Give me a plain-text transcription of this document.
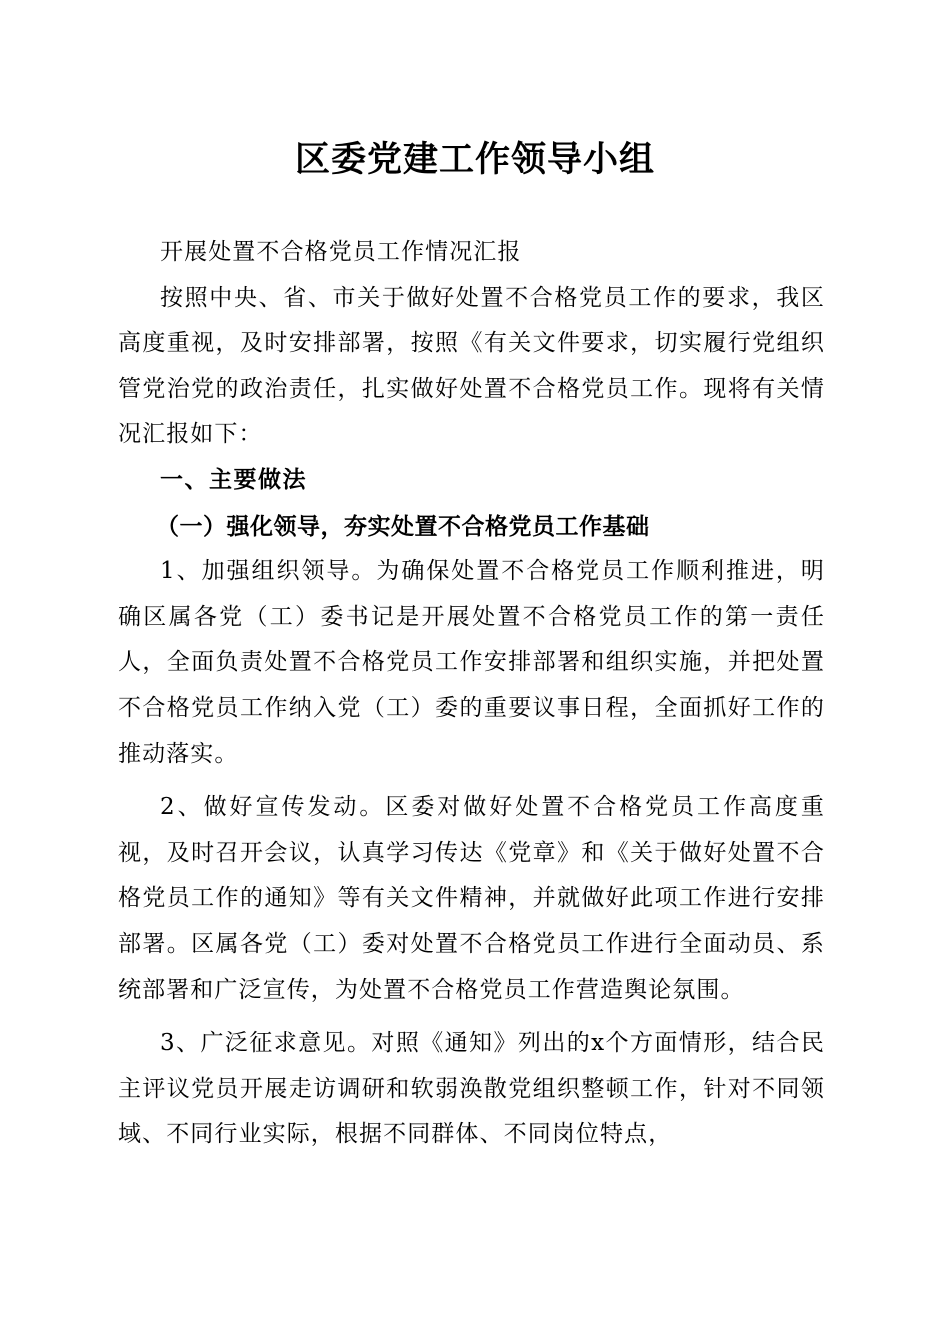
区委党建工作领导小组

开展处置不合格党员工作情况汇报

按照中央、省、市关于做好处置不合格党员工作的要求，我区高度重视，及时安排部署，按照《有关文件要求，切实履行党组织管党治党的政治责任，扎实做好处置不合格党员工作。现将有关情况汇报如下：

一、主要做法

（一）强化领导，夯实处置不合格党员工作基础

1、加强组织领导。为确保处置不合格党员工作顺利推进，明确区属各党（工）委书记是开展处置不合格党员工作的第一责任人，全面负责处置不合格党员工作安排部署和组织实施，并把处置不合格党员工作纳入党（工）委的重要议事日程，全面抓好工作的推动落实。

2、做好宣传发动。区委对做好处置不合格党员工作高度重视，及时召开会议，认真学习传达《党章》和《关于做好处置不合格党员工作的通知》等有关文件精神，并就做好此项工作进行安排部署。区属各党（工）委对处置不合格党员工作进行全面动员、系统部署和广泛宣传，为处置不合格党员工作营造舆论氛围。

3、广泛征求意见。对照《通知》列出的x个方面情形，结合民主评议党员开展走访调研和软弱涣散党组织整顿工作，针对不同领域、不同行业实际，根据不同群体、不同岗位特点，
